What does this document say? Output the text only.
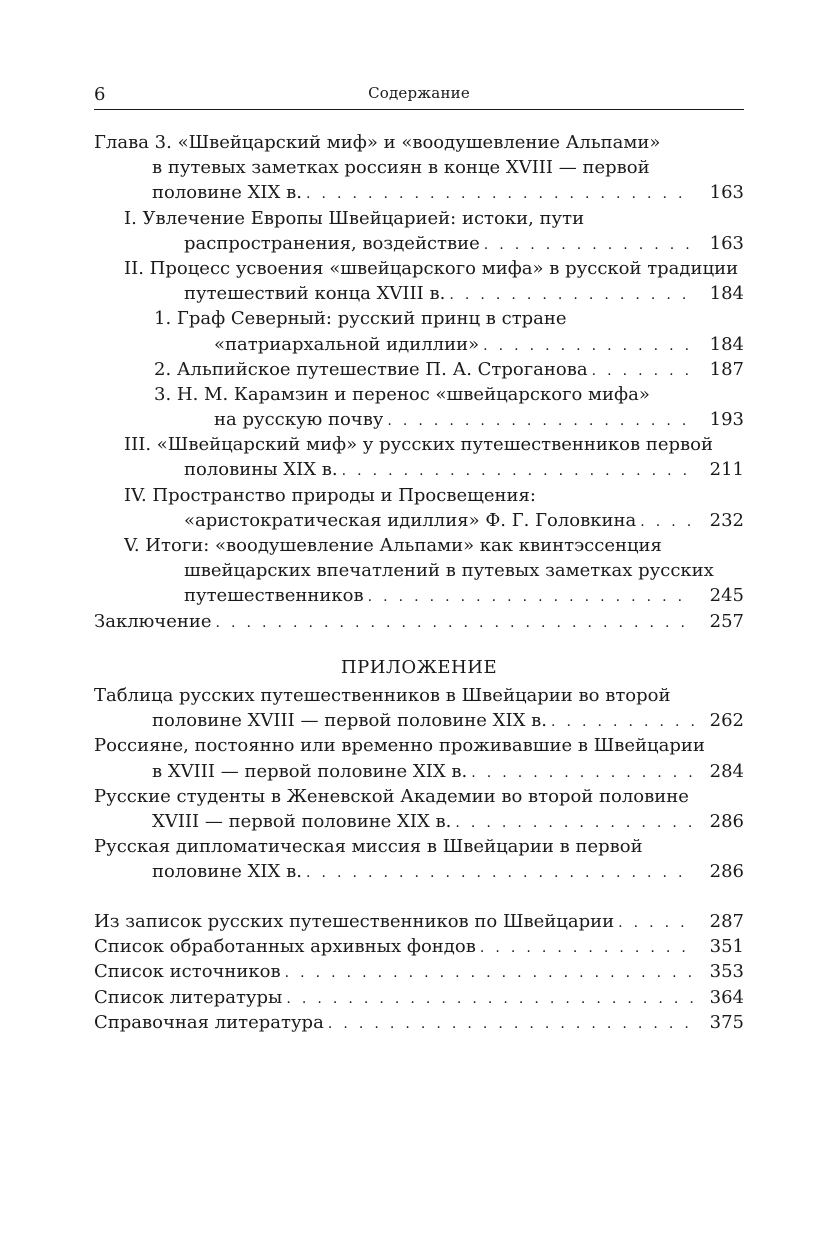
6	Содержание
Глава 3. «Швейцарский миф» и «воодушевление Альпами»
в путевых заметках россиян в конце XVIII — первой
половине XIX в. . . .	163
I. Увлечение Европы Швейцарией: истоки, пути
распространения, воздействие . . .	163
II. Процесс усвоения «швейцарского мифа» в русской традиции
путешествий конца XVIII в. . . .	184
1. Граф Северный: русский принц в стране
«патриархальной идиллии» . . .	184
2. Альпийское путешествие П. А. Строганова . . .	187
3. Н. М. Карамзин и перенос «швейцарского мифа»
на русскую почву . . .	193
III. «Швейцарский миф» у русских путешественников первой
половины XIX в. . . .	211
IV. Пространство природы и Просвещения:
«аристократическая идиллия» Ф. Г. Головкина . . .	232
V. Итоги: «воодушевление Альпами» как квинтэссенция
швейцарских впечатлений в путевых заметках русских
путешественников . . .	245
Заключение . . .	257
ПРИЛОЖЕНИЕ
Таблица русских путешественников в Швейцарии во второй
половине XVIII — первой половине XIX в. . . .	262
Россияне, постоянно или временно проживавшие в Швейцарии
в XVIII — первой половине XIX в. . . .	284
Русские студенты в Женевской Академии во второй половине
XVIII — первой половине XIX в. . . .	286
Русская дипломатическая миссия в Швейцарии в первой
половине XIX в. . . .	286
Из записок русских путешественников по Швейцарии . . .	287
Список обработанных архивных фондов . . .	351
Список источников . . .	353
Список литературы . . .	364
Справочная литература . . .	375
